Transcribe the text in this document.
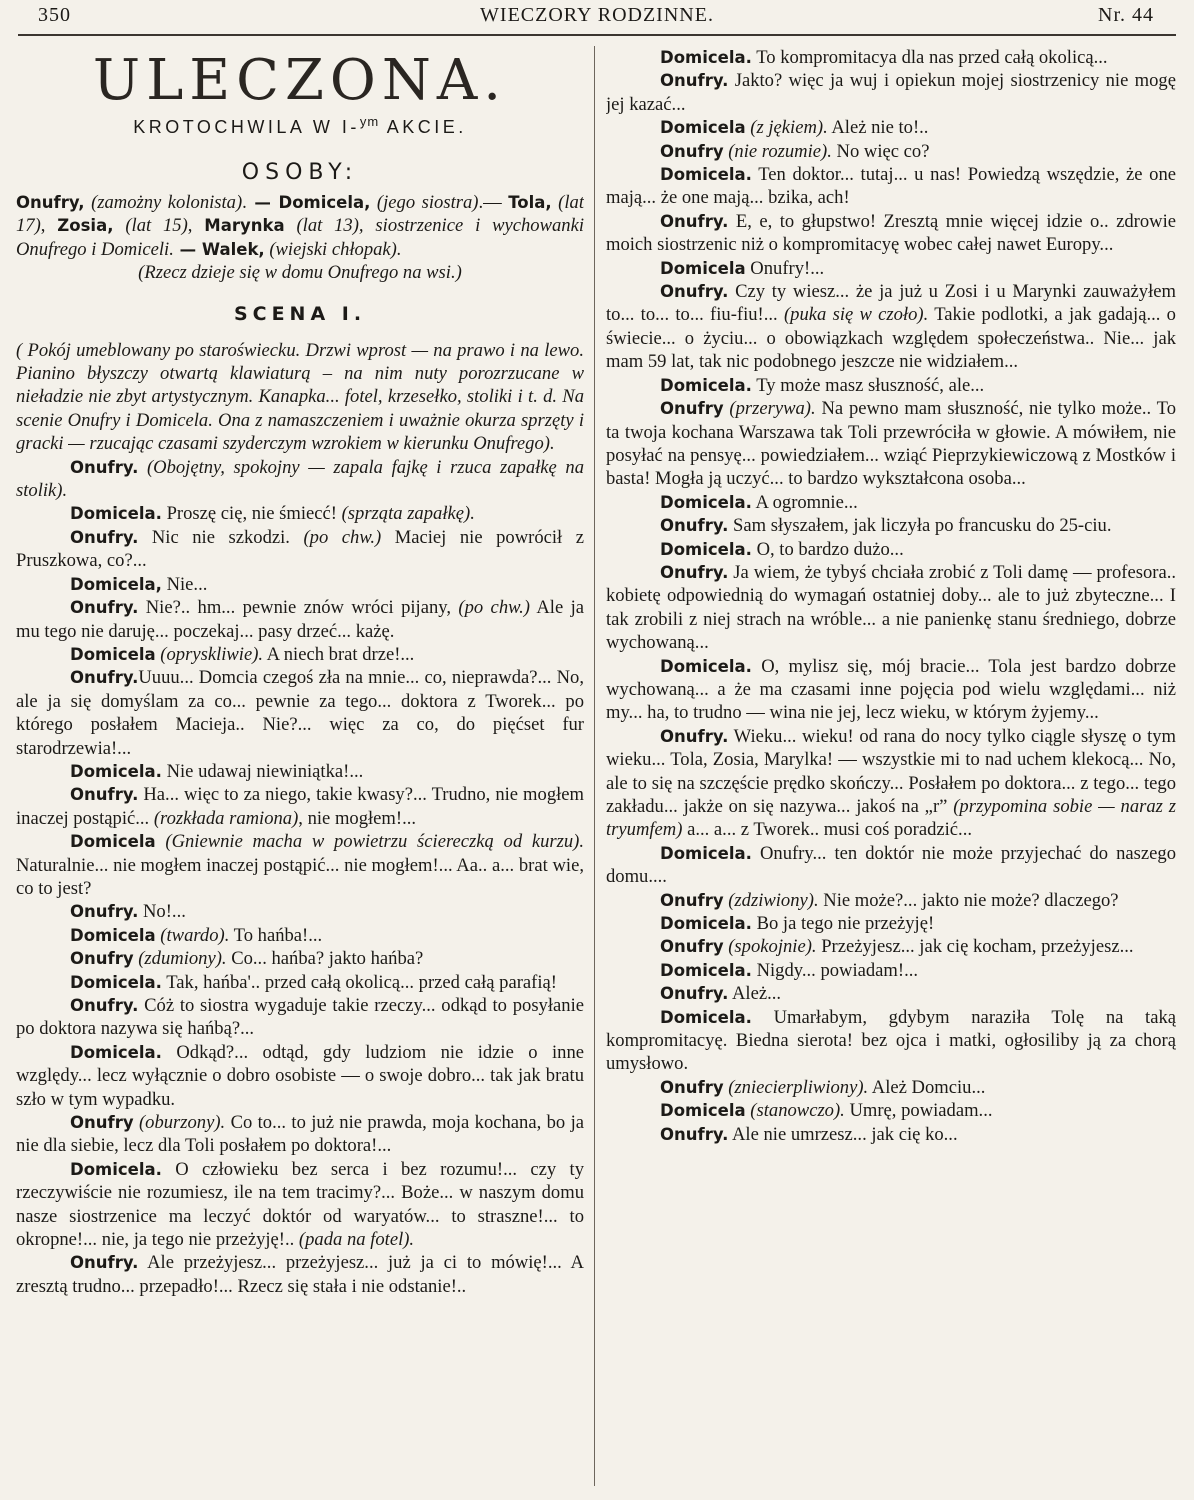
350	WIECZORY RODZINNE.	Nr. 44
ULECZONA.
KROTOCHWILA W I-$^{ym}$ AKCIE.
OSOBY:

Onufry, (zamożny kolonista). — Domicela, (jego siostra).— Tola, (lat 17), Zosia, (lat 15), Marynka (lat 13), siostrzenice i wychowanki Onufrego i Domiceli. — Walek, (wiejski chłopak).

(Rzecz dzieje się w domu Onufrego na wsi.)

SCENA I.

( Pokój umeblowany po staroświecku. Drzwi wprost — na prawo i na lewo. Pianino błyszczy otwartą klawiaturą – na nim nuty porozrzucane w nieładzie nie zbyt artystycznym. Kanapka... fotel, krzesełko, stoliki i t. d. Na scenie Onufry i Domicela. Ona z namaszczeniem i uważnie okurza sprzęty i gracki — rzucając czasami szyderczym wzrokiem w kierunku Onufrego).

Onufry. (Obojętny, spokojny — zapala fajkę i rzuca zapałkę na stolik).

Domicela. Proszę cię, nie śmiecć! (sprząta zapałkę).

Onufry. Nic nie szkodzi. (po chw.) Maciej nie powrócił z Pruszkowa, co?...

Domicela, Nie...

Onufry. Nie?.. hm... pewnie znów wróci pijany, (po chw.) Ale ja mu tego nie daruję... poczekaj... pasy drzeć... każę.

Domicela (opryskliwie). A niech brat drze!...

Onufry.Uuuu... Domcia czegoś zła na mnie... co, nieprawda?... No, ale ja się domyślam za co... pewnie za tego... doktora z Tworek... po którego posłałem Macieja.. Nie?... więc za co, do pięćset fur starodrzewia!...

Domicela. Nie udawaj niewiniątka!...

Onufry. Ha... więc to za niego, takie kwasy?... Trudno, nie mogłem inaczej postąpić... (rozkłada ramiona), nie mogłem!...

Domicela (Gniewnie macha w powietrzu ściereczką od kurzu). Naturalnie... nie mogłem inaczej postąpić... nie mogłem!... Aa.. a... brat wie, co to jest?

Onufry. No!...

Domicela (twardo). To hańba!...

Onufry (zdumiony). Co... hańba? jakto hańba?

Domicela. Tak, hańba'.. przed całą okolicą... przed całą parafią!

Onufry. Cóż to siostra wygaduje takie rzeczy... odkąd to posyłanie po doktora nazywa się hańbą?...

Domicela. Odkąd?... odtąd, gdy ludziom nie idzie o inne względy... lecz wyłącznie o dobro osobiste — o swoje dobro... tak jak bratu szło w tym wypadku.

Onufry (oburzony). Co to... to już nie prawda, moja kochana, bo ja nie dla siebie, lecz dla Toli posłałem po doktora!...

Domicela. O człowieku bez serca i bez rozumu!... czy ty rzeczywiście nie rozumiesz, ile na tem tracimy?... Boże... w naszym domu nasze siostrzenice ma leczyć doktór od waryatów... to straszne!... to okropne!... nie, ja tego nie przeżyję!.. (pada na fotel).

Onufry. Ale przeżyjesz... przeżyjesz... już ja ci to mówię!... A zresztą trudno... przepadło!... Rzecz się stała i nie odstanie!..

Domicela. To kompromitacya dla nas przed całą okolicą...

Onufry. Jakto? więc ja wuj i opiekun mojej siostrzenicy nie mogę jej kazać...

Domicela (z jękiem). Ależ nie to!..

Onufry (nie rozumie). No więc co?

Domicela. Ten doktor... tutaj... u nas! Powiedzą wszędzie, że one mają... że one mają... bzika, ach!

Onufry. E, e, to głupstwo! Zresztą mnie więcej idzie o.. zdrowie moich siostrzenic niż o kompromitacyę wobec całej nawet Europy...

Domicela Onufry!...

Onufry. Czy ty wiesz... że ja już u Zosi i u Marynki zauważyłem to... to... to... fiu-fiu!... (puka się w czoło). Takie podlotki, a jak gadają... o świecie... o życiu... o obowiązkach względem społeczeństwa.. Nie... jak mam 59 lat, tak nic podobnego jeszcze nie widziałem...

Domicela. Ty może masz słuszność, ale...

Onufry (przerywa). Na pewno mam słuszność, nie tylko może.. To ta twoja kochana Warszawa tak Toli przewróciła w głowie. A mówiłem, nie posyłać na pensyę... powiedziałem... wziąć Pieprzykiewiczową z Mostków i basta! Mogła ją uczyć... to bardzo wykształcona osoba...

Domicela. A ogromnie...

Onufry. Sam słyszałem, jak liczyła po francusku do 25-ciu.

Domicela. O, to bardzo dużo...

Onufry. Ja wiem, że tybyś chciała zrobić z Toli damę — profesora.. kobietę odpowiednią do wymagań ostatniej doby... ale to już zbyteczne... I tak zrobili z niej strach na wróble... a nie panienkę stanu średniego, dobrze wychowaną...

Domicela. O, mylisz się, mój bracie... Tola jest bardzo dobrze wychowaną... a że ma czasami inne pojęcia pod wielu względami... niż my... ha, to trudno — wina nie jej, lecz wieku, w którym żyjemy...

Onufry. Wieku... wieku! od rana do nocy tylko ciągle słyszę o tym wieku... Tola, Zosia, Marylka! — wszystkie mi to nad uchem klekocą... No, ale to się na szczęście prędko skończy... Posłałem po doktora... z tego... tego zakładu... jakże on się nazywa... jakoś na „r” (przypomina sobie — naraz z tryumfem) a... a... z Tworek.. musi coś poradzić...

Domicela. Onufry... ten doktór nie może przyjechać do naszego domu....

Onufry (zdziwiony). Nie może?... jakto nie może? dlaczego?

Domicela. Bo ja tego nie przeżyję!

Onufry (spokojnie). Przeżyjesz... jak cię kocham, przeżyjesz...

Domicela. Nigdy... powiadam!...

Onufry. Ależ...

Domicela. Umarłabym, gdybym naraziła Tolę na taką kompromitacyę. Biedna sierota! bez ojca i matki, ogłosiliby ją za chorą umysłowo.

Onufry (zniecierpliwiony). Ależ Domciu...

Domicela (stanowczo). Umrę, powiadam...

Onufry. Ale nie umrzesz... jak cię ko...
